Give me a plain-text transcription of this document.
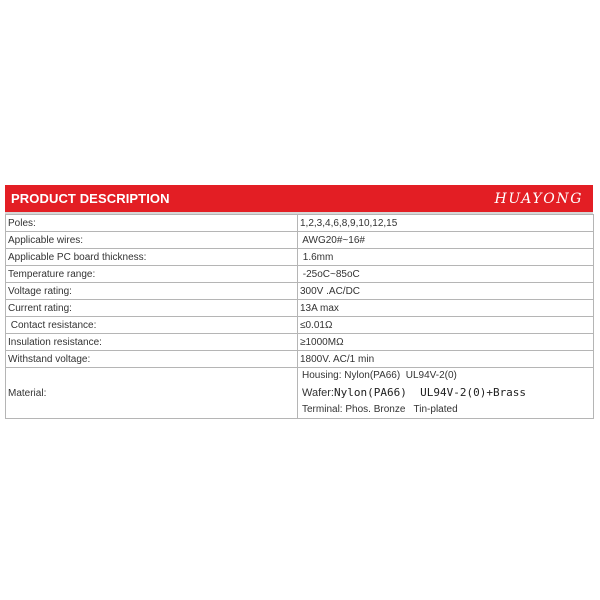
PRODUCT DESCRIPTION	HUAYONG
Poles:	1,2,3,4,6,8,9,10,12,15
Applicable wires:	AWG20#~16#
Applicable PC board thickness:	1.6mm
Temperature range:	-25oC~85oC
Voltage rating:	300V .AC/DC
Current rating:	13A max
Contact resistance:	≤0.01Ω
Insulation resistance:	≥1000MΩ
Withstand voltage:	1800V. AC/1 min
Material:	Housing: Nylon(PA66)  UL94V-2(0)
Wafer:Nylon(PA66)  UL94V-2(0)+Brass
Terminal: Phos. Bronze   Tin-plated
